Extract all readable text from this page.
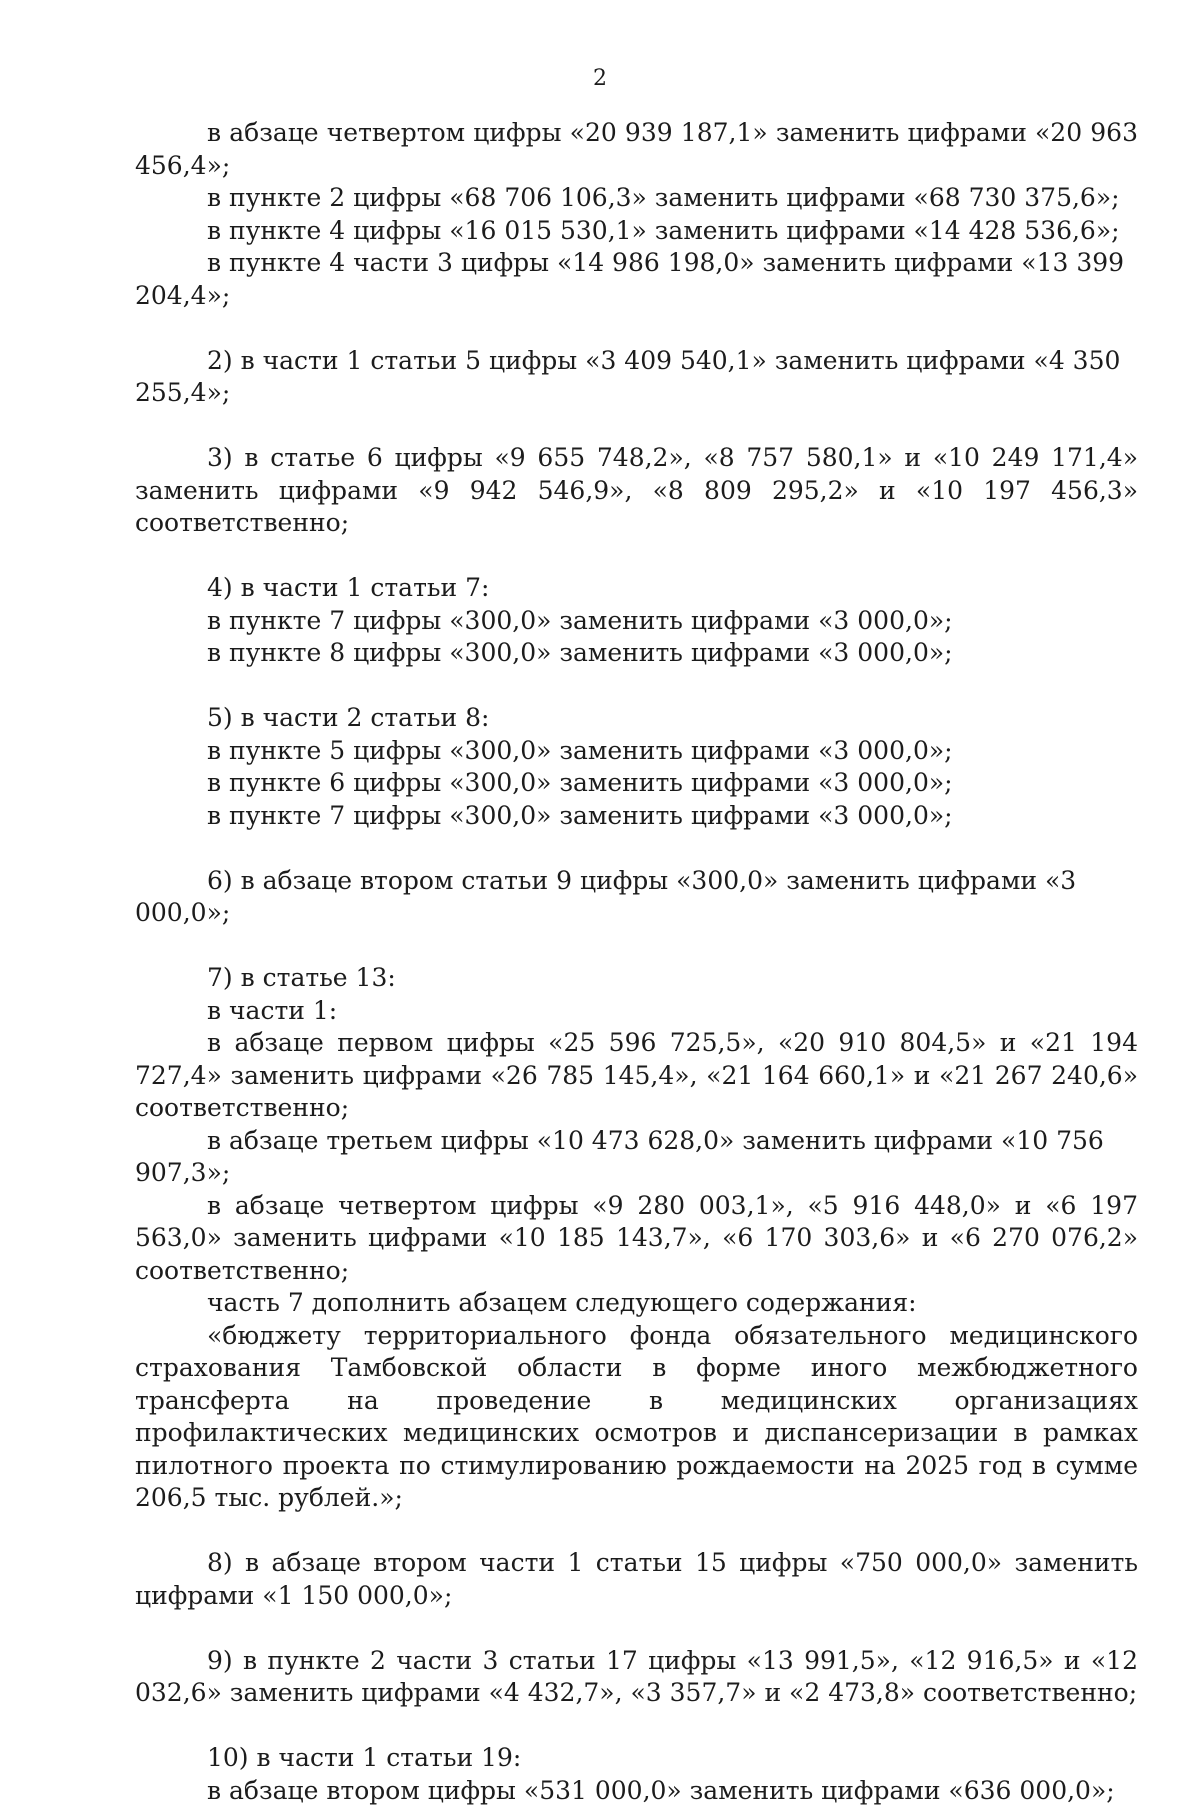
2

в абзаце четвертом цифры «20 939 187,1» заменить цифрами «20 963 456,4»;

в пункте 2 цифры «68 706 106,3» заменить цифрами «68 730 375,6»;

в пункте 4 цифры «16 015 530,1» заменить цифрами «14 428 536,6»;

в пункте 4 части 3 цифры «14 986 198,0» заменить цифрами «13 399 204,4»;

2) в части 1 статьи 5 цифры «3 409 540,1» заменить цифрами «4 350 255,4»;

3) в статье 6 цифры «9 655 748,2», «8 757 580,1» и «10 249 171,4» заменить цифрами «9 942 546,9», «8 809 295,2» и «10 197 456,3» соответственно;

4) в части 1 статьи 7:

в пункте 7 цифры «300,0» заменить цифрами «3 000,0»;

в пункте 8 цифры «300,0» заменить цифрами «3 000,0»;

5) в части 2 статьи 8:

в пункте 5 цифры «300,0» заменить цифрами «3 000,0»;

в пункте 6 цифры «300,0» заменить цифрами «3 000,0»;

в пункте 7 цифры «300,0» заменить цифрами «3 000,0»;

6) в абзаце втором статьи 9 цифры «300,0» заменить цифрами «3 000,0»;

7) в статье 13:

в части 1:

в абзаце первом цифры «25 596 725,5», «20 910 804,5» и «21 194 727,4» заменить цифрами «26 785 145,4», «21 164 660,1» и «21 267 240,6» соответственно;

в абзаце третьем цифры «10 473 628,0» заменить цифрами «10 756 907,3»;

в абзаце четвертом цифры «9 280 003,1», «5 916 448,0» и «6 197 563,0» заменить цифрами «10 185 143,7», «6 170 303,6» и «6 270 076,2» соответственно;

часть 7 дополнить абзацем следующего содержания:

«бюджету территориального фонда обязательного медицинского страхования Тамбовской области в форме иного межбюджетного трансферта на проведение в медицинских организациях профилактических медицинских осмотров и диспансеризации в рамках пилотного проекта по стимулированию рождаемости на 2025 год в сумме 206,5 тыс. рублей.»;

8) в абзаце втором части 1 статьи 15 цифры «750 000,0» заменить цифрами «1 150 000,0»;

9) в пункте 2 части 3 статьи 17 цифры «13 991,5», «12 916,5» и «12 032,6» заменить цифрами «4 432,7», «3 357,7» и «2 473,8» соответственно;

10) в части 1 статьи 19:

в абзаце втором цифры «531 000,0» заменить цифрами «636 000,0»;
